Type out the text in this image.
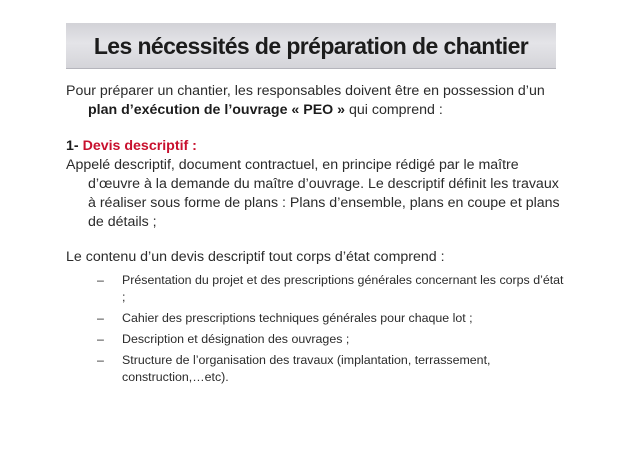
Les nécessités de préparation de chantier

Pour préparer un chantier, les responsables doivent être en possession d’un plan d’exécution de l’ouvrage « PEO » qui comprend :

1- Devis descriptif :

Appelé descriptif, document contractuel, en principe rédigé par le maître d’œuvre à la demande du maître d’ouvrage. Le descriptif définit les travaux à réaliser sous forme de plans : Plans d’ensemble, plans en coupe et plans de détails ;

Le contenu d’un devis descriptif tout corps d’état comprend :

– Présentation du projet et des prescriptions générales concernant les corps d’état ;
– Cahier des prescriptions techniques générales pour chaque lot ;
– Description et désignation des ouvrages ;
– Structure de l’organisation des travaux (implantation, terrassement, construction,…etc).
